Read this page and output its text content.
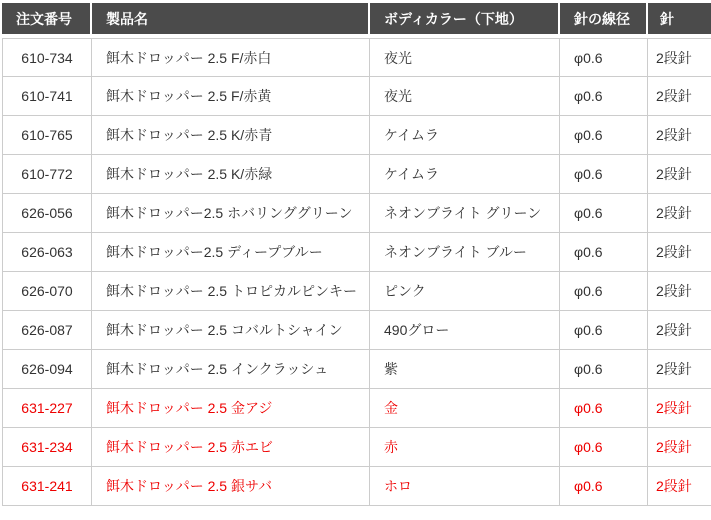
注文番号	製品名	ボディカラー（下地）	針の線径	針
610-734	餌木ドロッパー 2.5 F/赤白	夜光	φ0.6	2段針
610-741	餌木ドロッパー 2.5 F/赤黄	夜光	φ0.6	2段針
610-765	餌木ドロッパー 2.5 K/赤青	ケイムラ	φ0.6	2段針
610-772	餌木ドロッパー 2.5 K/赤緑	ケイムラ	φ0.6	2段針
626-056	餌木ドロッパー2.5 ホバリンググリーン	ネオンブライト グリーン	φ0.6	2段針
626-063	餌木ドロッパー2.5 ディープブルー	ネオンブライト ブルー	φ0.6	2段針
626-070	餌木ドロッパー 2.5 トロピカルピンキー	ピンク	φ0.6	2段針
626-087	餌木ドロッパー 2.5 コバルトシャイン	490グロー	φ0.6	2段針
626-094	餌木ドロッパー 2.5 インクラッシュ	紫	φ0.6	2段針
631-227	餌木ドロッパー 2.5 金アジ	金	φ0.6	2段針
631-234	餌木ドロッパー 2.5 赤エビ	赤	φ0.6	2段針
631-241	餌木ドロッパー 2.5 銀サバ	ホロ	φ0.6	2段針
